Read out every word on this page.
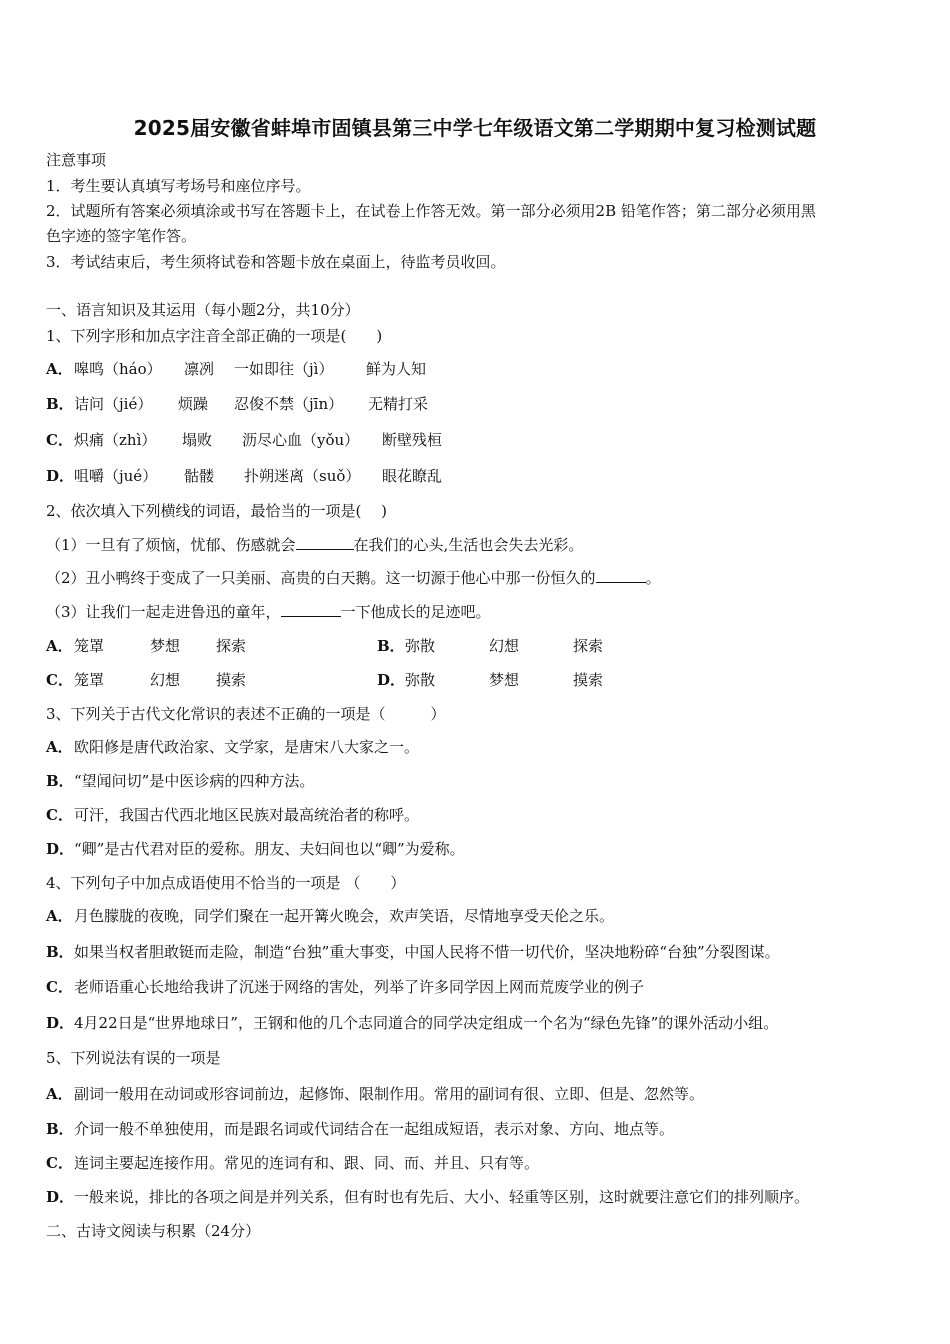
2025届安徽省蚌埠市固镇县第三中学七年级语文第二学期期中复习检测试题
注意事项
1．考生要认真填写考场号和座位序号。
2．试题所有答案必须填涂或书写在答题卡上，在试卷上作答无效。第一部分必须用2B 铅笔作答；第二部分必须用黑
色字迹的签字笔作答。
3．考试结束后，考生须将试卷和答题卡放在桌面上，待监考员收回。
一、语言知识及其运用（每小题2分，共10分）
1、下列字形和加点字注音全部正确的一项是(　　)
A．嗥鸣（háo） 凛冽 一如即往（jì） 鲜为人知
B．诘问（jié） 烦躁 忍俊不禁（jīn） 无精打采
C．炽痛（zhì） 塌败 沥尽心血（yǒu） 断壁残桓
D．咀嚼（jué） 骷髅 扑朔迷离（suǒ） 眼花瞭乱
2、依次填入下列横线的词语，最恰当的一项是(　 )
（1）一旦有了烦恼，忧郁、伤感就会	在我们的心头,生活也会失去光彩。
（2）丑小鸭终于变成了一只美丽、高贵的白天鹅。这一切源于他心中那一份恒久的	。
（3）让我们一起走进鲁迅的童年，	一下他成长的足迹吧。
A．笼罩	梦想 探索	B．弥散	幻想	探索
C．笼罩	幻想 摸索	D．弥散	梦想	摸索
3、下列关于古代文化常识的表述不正确的一项是（　　　）
A．欧阳修是唐代政治家、文学家，是唐宋八大家之一。
B．“望闻问切”是中医诊病的四种方法。
C．可汗，我国古代西北地区民族对最高统治者的称呼。
D．“卿”是古代君对臣的爱称。朋友、夫妇间也以“卿”为爱称。
4、下列句子中加点成语使用不恰当的一项是 （　　）
A．月色朦胧的夜晚，同学们聚在一起开篝火晚会，欢声笑语，尽情地享受天伦之乐。
B．如果当权者胆敢铤而走险，制造“台独”重大事变，中国人民将不惜一切代价，坚决地粉碎“台独”分裂图谋。
C．老师语重心长地给我讲了沉迷于网络的害处，列举了许多同学因上网而荒废学业的例子
D．4月22日是“世界地球日”，王钢和他的几个志同道合的同学决定组成一个名为“绿色先锋”的课外活动小组。
5、下列说法有误的一项是
A．副词一般用在动词或形容词前边，起修饰、限制作用。常用的副词有很、立即、但是、忽然等。
B．介词一般不单独使用，而是跟名词或代词结合在一起组成短语，表示对象、方向、地点等。
C．连词主要起连接作用。常见的连词有和、跟、同、而、并且、只有等。
D．一般来说，排比的各项之间是并列关系，但有时也有先后、大小、轻重等区别，这时就要注意它们的排列顺序。
二、古诗文阅读与积累（24分）
